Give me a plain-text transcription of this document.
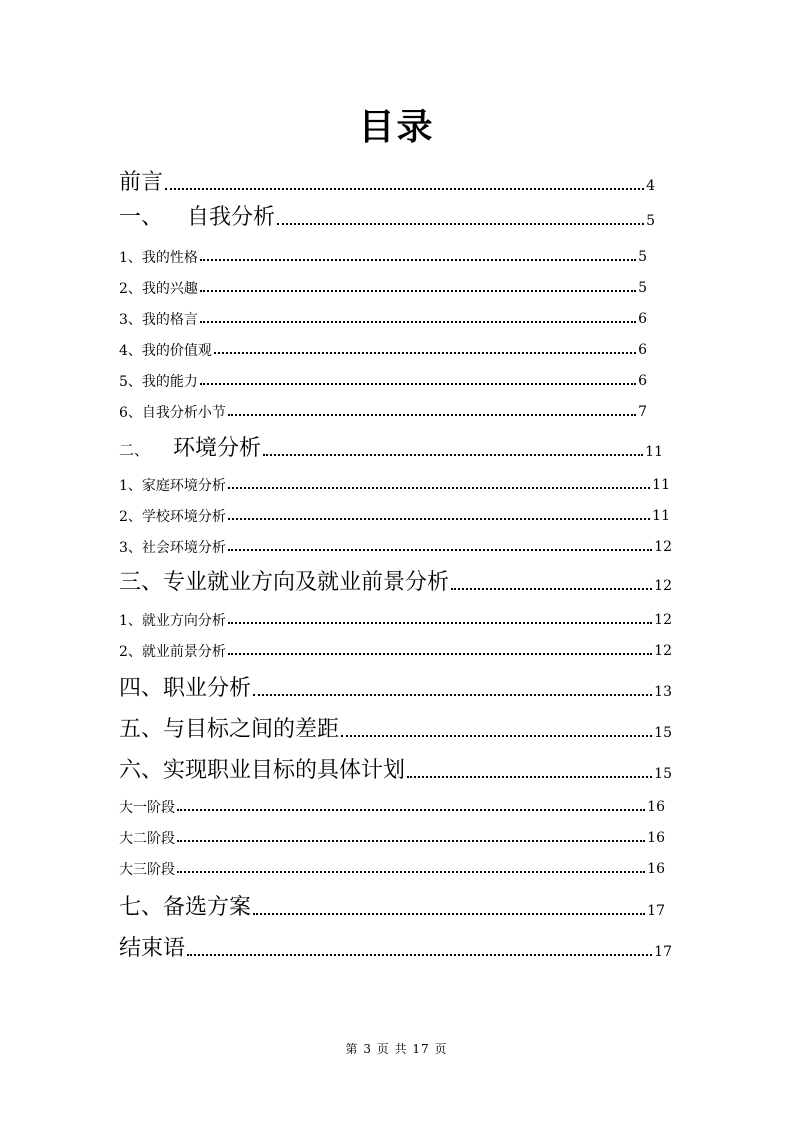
目录
前言	4
一、 自我分析	5
1、我的性格	5
2、我的兴趣	5
3、我的格言	6
4、我的价值观	6
5、我的能力	6
6、自我分析小节	7
二、 环境分析	11
1、家庭环境分析	11
2、学校环境分析	11
3、社会环境分析	12
三、专业就业方向及就业前景分析	12
1、就业方向分析	12
2、就业前景分析	12
四、职业分析	13
五、与目标之间的差距	15
六、实现职业目标的具体计划	15
大一阶段	16
大二阶段	16
大三阶段	16
七、备选方案	17
结束语	17
第 3 页 共 17 页
